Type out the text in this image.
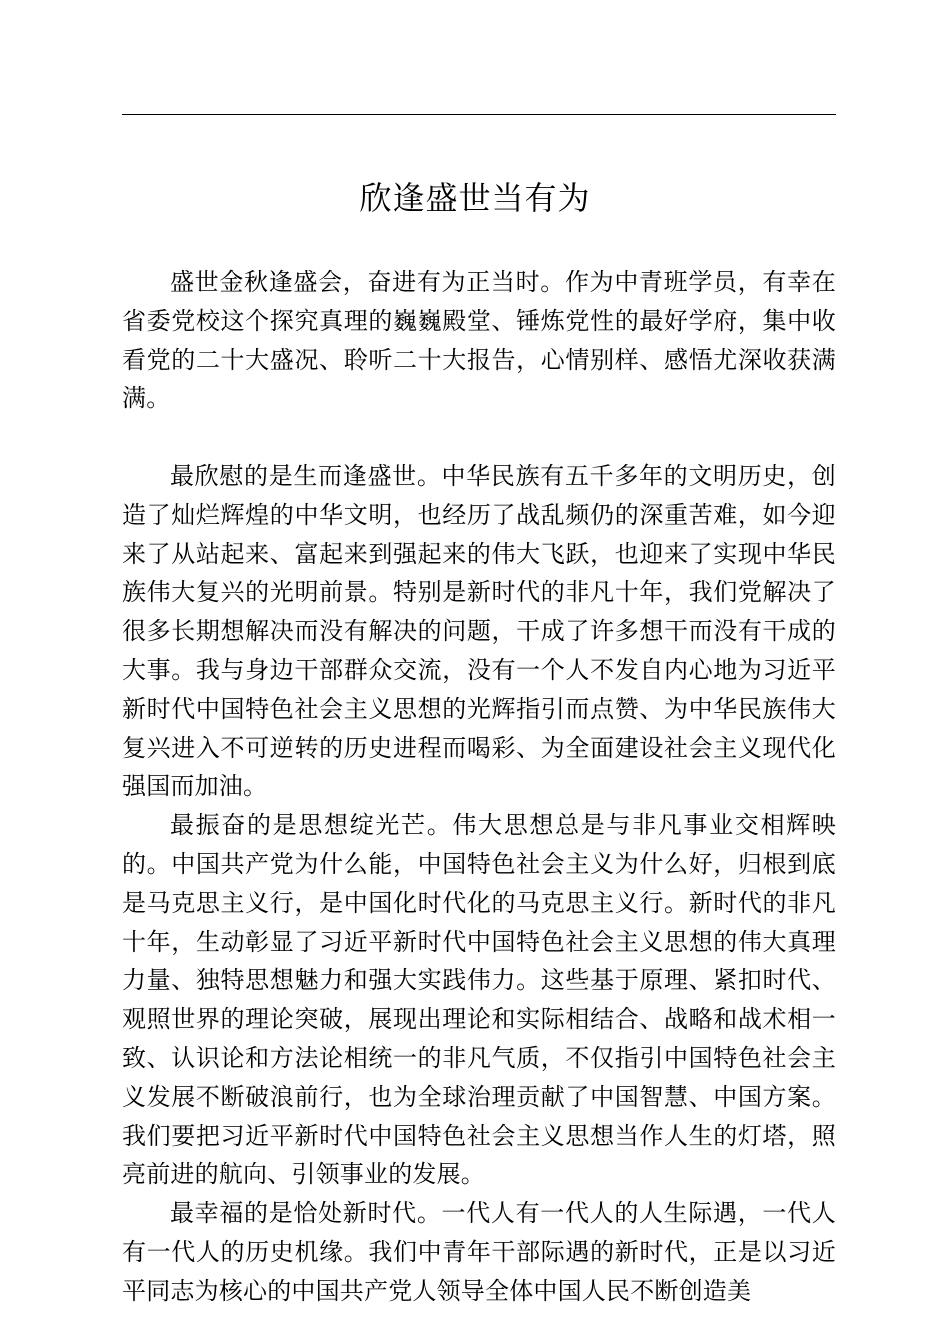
欣逢盛世当有为

盛世金秋逢盛会，奋进有为正当时。作为中青班学员，有幸在省委党校这个探究真理的巍巍殿堂、锤炼党性的最好学府，集中收看党的二十大盛况、聆听二十大报告，心情别样、感悟尤深收获满满。

最欣慰的是生而逢盛世。中华民族有五千多年的文明历史，创造了灿烂辉煌的中华文明，也经历了战乱频仍的深重苦难，如今迎来了从站起来、富起来到强起来的伟大飞跃，也迎来了实现中华民族伟大复兴的光明前景。特别是新时代的非凡十年，我们党解决了很多长期想解决而没有解决的问题，干成了许多想干而没有干成的大事。我与身边干部群众交流，没有一个人不发自内心地为习近平新时代中国特色社会主义思想的光辉指引而点赞、为中华民族伟大复兴进入不可逆转的历史进程而喝彩、为全面建设社会主义现代化强国而加油。

最振奋的是思想绽光芒。伟大思想总是与非凡事业交相辉映的。中国共产党为什么能，中国特色社会主义为什么好，归根到底是马克思主义行，是中国化时代化的马克思主义行。新时代的非凡十年，生动彰显了习近平新时代中国特色社会主义思想的伟大真理力量、独特思想魅力和强大实践伟力。这些基于原理、紧扣时代、观照世界的理论突破，展现出理论和实际相结合、战略和战术相一致、认识论和方法论相统一的非凡气质，不仅指引中国特色社会主义发展不断破浪前行，也为全球治理贡献了中国智慧、中国方案。我们要把习近平新时代中国特色社会主义思想当作人生的灯塔，照亮前进的航向、引领事业的发展。

最幸福的是恰处新时代。一代人有一代人的人生际遇，一代人有一代人的历史机缘。我们中青年干部际遇的新时代，正是以习近平同志为核心的中国共产党人领导全体中国人民不断创造美
